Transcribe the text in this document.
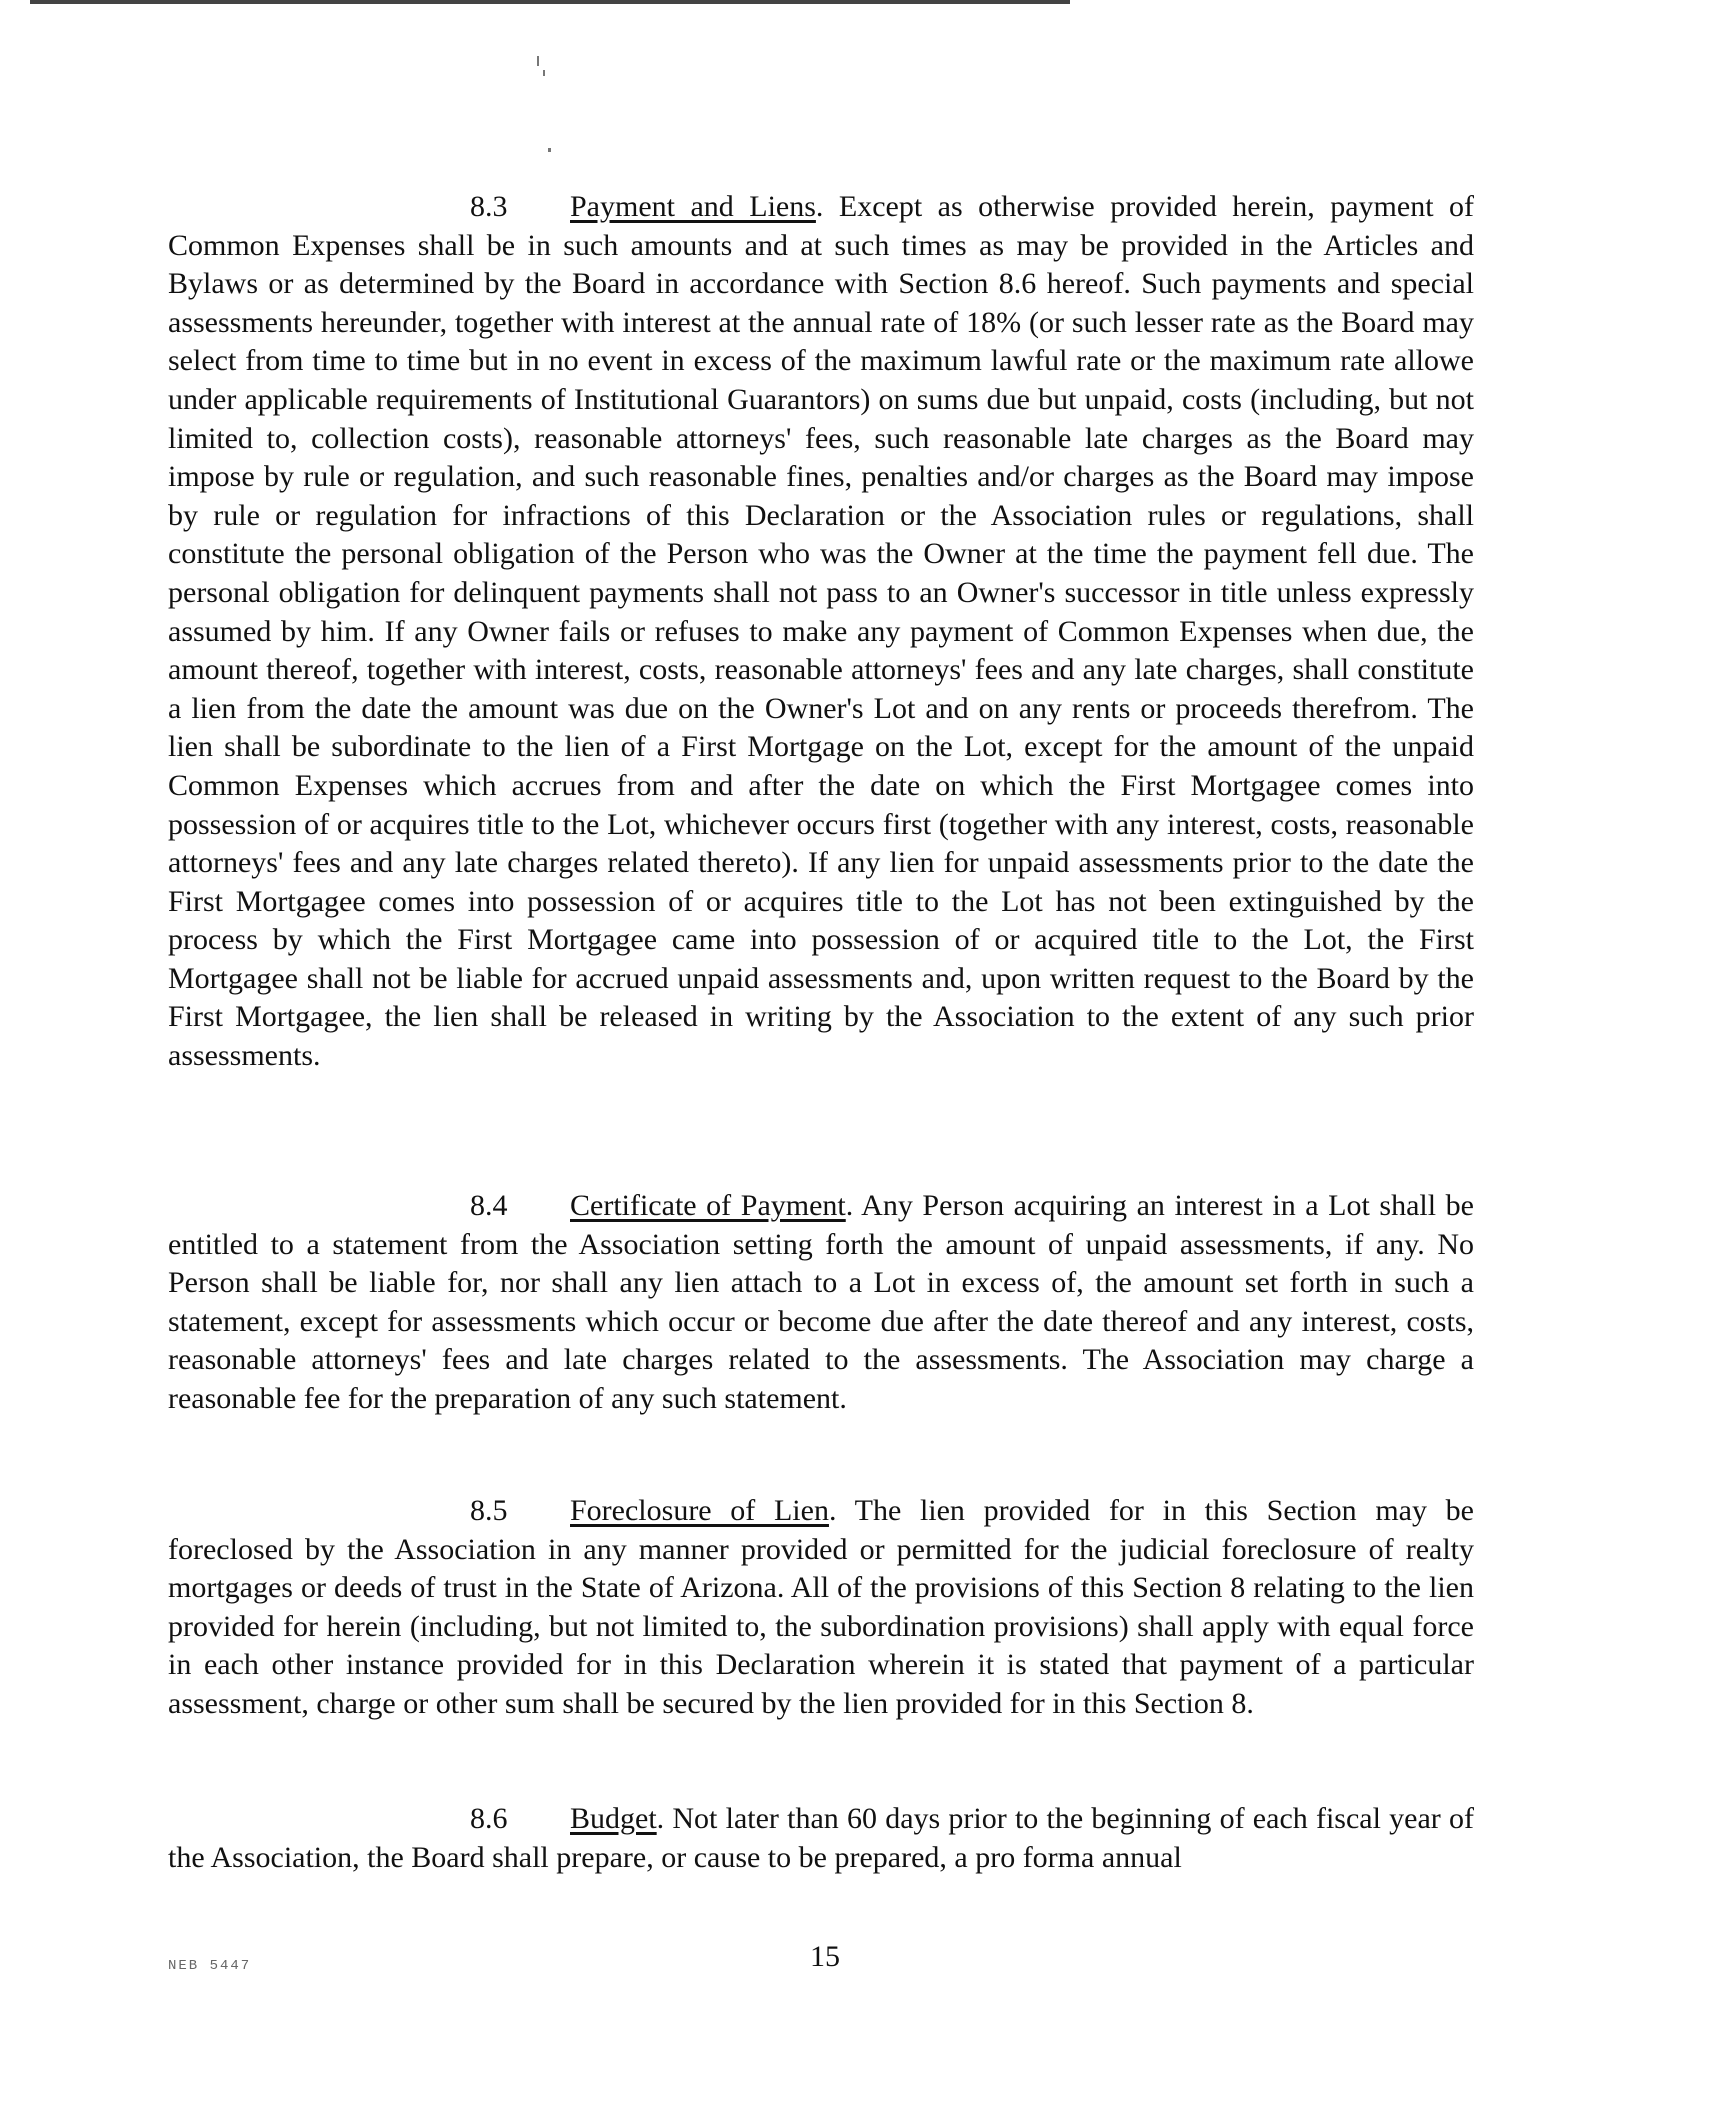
8.3 Payment and Liens. Except as otherwise provided herein, payment of Common Expenses shall be in such amounts and at such times as may be provided in the Articles and Bylaws or as determined by the Board in accordance with Section 8.6 hereof. Such payments and special assessments hereunder, together with interest at the annual rate of 18% (or such lesser rate as the Board may select from time to time but in no event in excess of the maximum lawful rate or the maximum rate allowe under applicable requirements of Institutional Guarantors) on sums due but unpaid, costs (including, but not limited to, collection costs), reasonable attorneys' fees, such reasonable late charges as the Board may impose by rule or regulation, and such reasonable fines, penalties and/or charges as the Board may impose by rule or regulation for infractions of this Declaration or the Association rules or regulations, shall constitute the personal obligation of the Person who was the Owner at the time the payment fell due. The personal obligation for delinquent payments shall not pass to an Owner's successor in title unless expressly assumed by him. If any Owner fails or refuses to make any payment of Common Expenses when due, the amount thereof, together with interest, costs, reasonable attorneys' fees and any late charges, shall constitute a lien from the date the amount was due on the Owner's Lot and on any rents or proceeds therefrom. The lien shall be subordinate to the lien of a First Mortgage on the Lot, except for the amount of the unpaid Common Expenses which accrues from and after the date on which the First Mortgagee comes into possession of or acquires title to the Lot, whichever occurs first (together with any interest, costs, reasonable attorneys' fees and any late charges related thereto). If any lien for unpaid assessments prior to the date the First Mortgagee comes into possession of or acquires title to the Lot has not been extinguished by the process by which the First Mortgagee came into possession of or acquired title to the Lot, the First Mortgagee shall not be liable for accrued unpaid assessments and, upon written request to the Board by the First Mortgagee, the lien shall be released in writing by the Association to the extent of any such prior assessments.

8.4 Certificate of Payment. Any Person acquiring an interest in a Lot shall be entitled to a statement from the Association setting forth the amount of unpaid assessments, if any. No Person shall be liable for, nor shall any lien attach to a Lot in excess of, the amount set forth in such a statement, except for assessments which occur or become due after the date thereof and any interest, costs, reasonable attorneys' fees and late charges related to the assessments. The Association may charge a reasonable fee for the preparation of any such statement.

8.5 Foreclosure of Lien. The lien provided for in this Section may be foreclosed by the Association in any manner provided or permitted for the judicial foreclosure of realty mortgages or deeds of trust in the State of Arizona. All of the provisions of this Section 8 relating to the lien provided for herein (including, but not limited to, the subordination provisions) shall apply with equal force in each other instance provided for in this Declaration wherein it is stated that payment of a particular assessment, charge or other sum shall be secured by the lien provided for in this Section 8.

8.6 Budget. Not later than 60 days prior to the beginning of each fiscal year of the Association, the Board shall prepare, or cause to be prepared, a pro forma annual

NEB 5447	15
